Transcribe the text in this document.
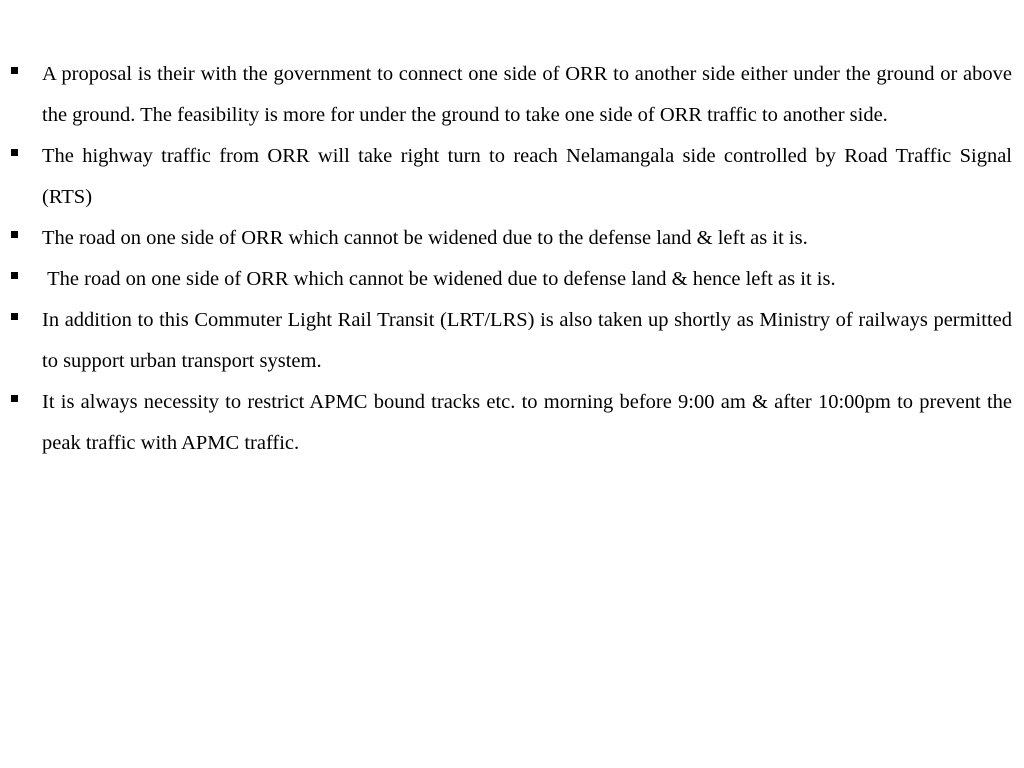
A proposal is their with the government to connect one side of ORR to another side either under the ground or above the ground. The feasibility is more for under the ground to take one side of ORR traffic to another side.
The highway traffic from ORR will take right turn to reach Nelamangala side controlled by Road Traffic Signal (RTS)
The road on one side of ORR which cannot be widened due to the defense land & left as it is.
The road on one side of ORR which cannot be widened due to defense land & hence left as it is.
In addition to this Commuter Light Rail Transit (LRT/LRS) is also taken up shortly as Ministry of railways permitted to support urban transport system.
It is always necessity to restrict APMC bound tracks etc. to morning before 9:00 am & after 10:00pm to prevent the peak traffic with APMC traffic.
